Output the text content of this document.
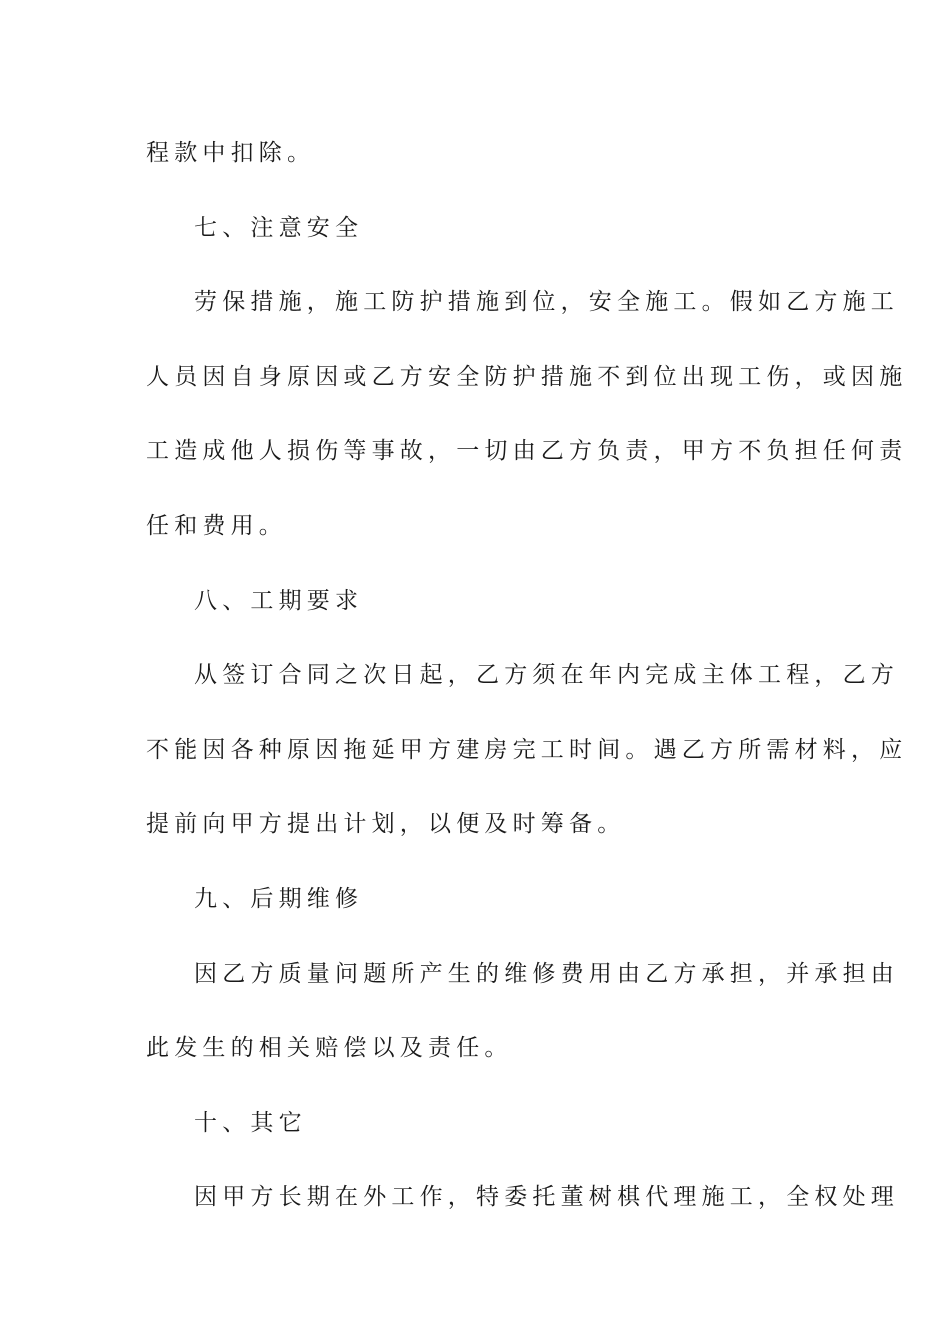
程款中扣除。
七、注意安全
劳保措施，施工防护措施到位，安全施工。假如乙方施工
人员因自身原因或乙方安全防护措施不到位出现工伤，或因施
工造成他人损伤等事故，一切由乙方负责，甲方不负担任何责
任和费用。
八、工期要求
从签订合同之次日起，乙方须在年内完成主体工程，乙方
不能因各种原因拖延甲方建房完工时间。遇乙方所需材料，应
提前向甲方提出计划，以便及时筹备。
九、后期维修
因乙方质量问题所产生的维修费用由乙方承担，并承担由
此发生的相关赔偿以及责任。
十、其它
因甲方长期在外工作，特委托董树棋代理施工，全权处理
